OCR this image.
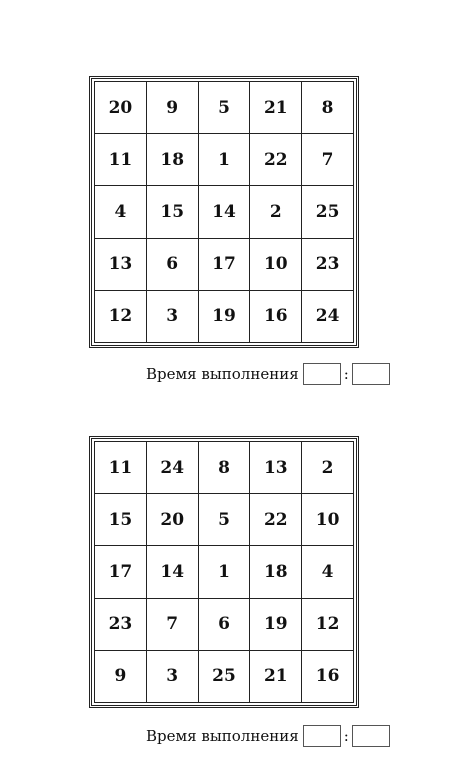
20	9	5	21	8
11	18	1	22	7
4	15	14	2	25
13	6	17	10	23
12	3	19	16	24
Время выполнения	:
11	24	8	13	2
15	20	5	22	10
17	14	1	18	4
23	7	6	19	12
9	3	25	21	16
Время выполнения	:
